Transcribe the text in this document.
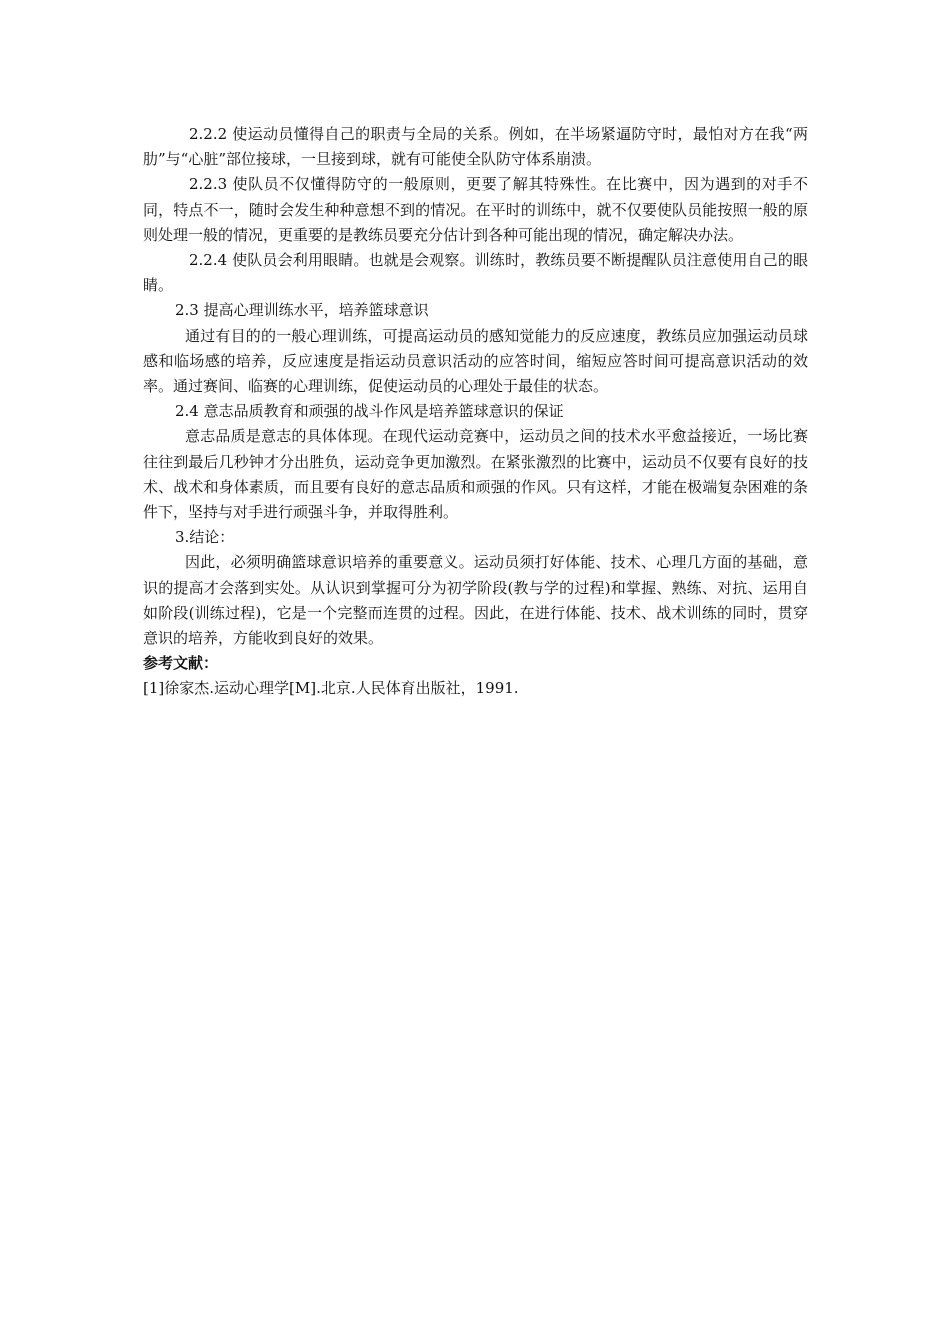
2.2.2 使运动员懂得自己的职责与全局的关系。例如，在半场紧逼防守时，最怕对方在我“两肋”与“心脏”部位接球，一旦接到球，就有可能使全队防守体系崩溃。

2.2.3 使队员不仅懂得防守的一般原则，更要了解其特殊性。在比赛中，因为遇到的对手不同，特点不一，随时会发生种种意想不到的情况。在平时的训练中，就不仅要使队员能按照一般的原则处理一般的情况，更重要的是教练员要充分估计到各种可能出现的情况，确定解决办法。

2.2.4 使队员会利用眼睛。也就是会观察。训练时，教练员要不断提醒队员注意使用自己的眼睛。

2.3 提高心理训练水平，培养篮球意识

通过有目的的一般心理训练，可提高运动员的感知觉能力的反应速度，教练员应加强运动员球感和临场感的培养，反应速度是指运动员意识活动的应答时间，缩短应答时间可提高意识活动的效率。通过赛间、临赛的心理训练，促使运动员的心理处于最佳的状态。

2.4 意志品质教育和顽强的战斗作风是培养篮球意识的保证

意志品质是意志的具体体现。在现代运动竞赛中，运动员之间的技术水平愈益接近，一场比赛往往到最后几秒钟才分出胜负，运动竞争更加激烈。在紧张激烈的比赛中，运动员不仅要有良好的技术、战术和身体素质，而且要有良好的意志品质和顽强的作风。只有这样，才能在极端复杂困难的条件下，坚持与对手进行顽强斗争，并取得胜利。

3.结论：

因此，必须明确篮球意识培养的重要意义。运动员须打好体能、技术、心理几方面的基础，意识的提高才会落到实处。从认识到掌握可分为初学阶段(教与学的过程)和掌握、熟练、对抗、运用自如阶段(训练过程)，它是一个完整而连贯的过程。因此，在进行体能、技术、战术训练的同时，贯穿意识的培养，方能收到良好的效果。

参考文献：

[1]徐家杰.运动心理学[M].北京.人民体育出版社，1991.
